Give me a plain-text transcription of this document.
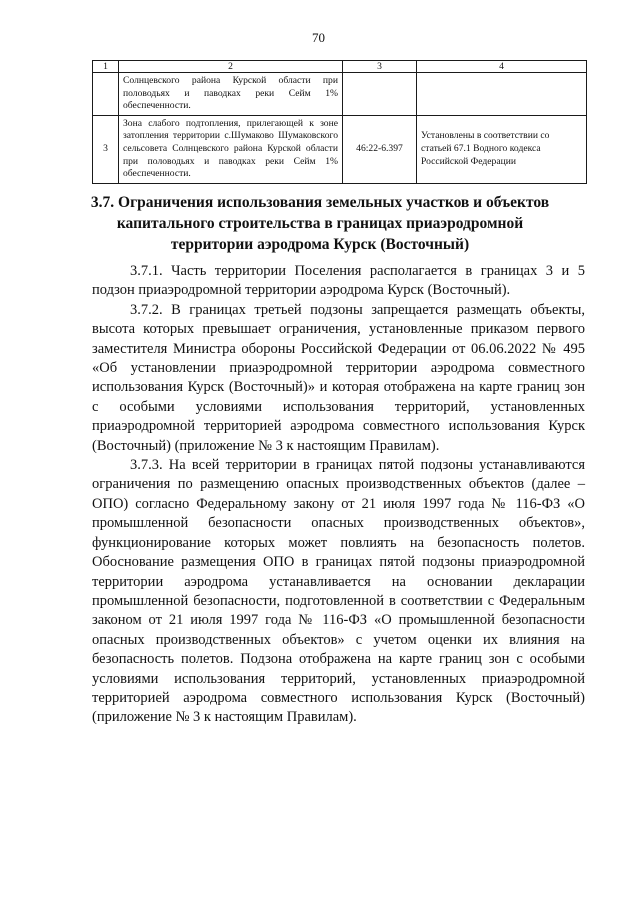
70
1	2	3	4
	Солнцевского района Курской области при половодьях и паводках реки Сейм 1% обеспеченности.		
3	Зона слабого подтопления, прилегающей к зоне затопления территории с.Шумаково Шумаковского сельсовета Солнцевского района Курской области при половодьях и паводках реки Сейм 1% обеспеченности.	46:22-6.397	Установлены в соответствии со статьей 67.1 Водного кодекса Российской Федерации
3.7. Ограничения использования земельных участков и объектов капитального строительства в границах приаэродромной территории аэродрома Курск (Восточный)

3.7.1. Часть территории Поселения располагается в границах 3 и 5 подзон приаэродромной территории аэродрома Курск (Восточный).

3.7.2. В границах третьей подзоны запрещается размещать объекты, высота которых превышает ограничения, установленные приказом первого заместителя Министра обороны Российской Федерации от 06.06.2022 № 495 «Об установлении приаэродромной территории аэродрома совместного использования Курск (Восточный)» и которая отображена на карте границ зон с особыми условиями использования территорий, установленных приаэродромной территорией аэродрома совместного использования Курск (Восточный) (приложение № 3 к настоящим Правилам).

3.7.3. На всей территории в границах пятой подзоны устанавливаются ограничения по размещению опасных производственных объектов (далее – ОПО) согласно Федеральному закону от 21 июля 1997 года № 116-ФЗ «О промышленной безопасности опасных производственных объектов», функционирование которых может повлиять на безопасность полетов. Обоснование размещения ОПО в границах пятой подзоны приаэродромной территории аэродрома устанавливается на основании декларации промышленной безопасности, подготовленной в соответствии с Федеральным законом от 21 июля 1997 года № 116-ФЗ «О промышленной безопасности опасных производственных объектов» с учетом оценки их влияния на безопасность полетов. Подзона отображена на карте границ зон с особыми условиями использования территорий, установленных приаэродромной территорией аэродрома совместного использования Курск (Восточный) (приложение № 3 к настоящим Правилам).
